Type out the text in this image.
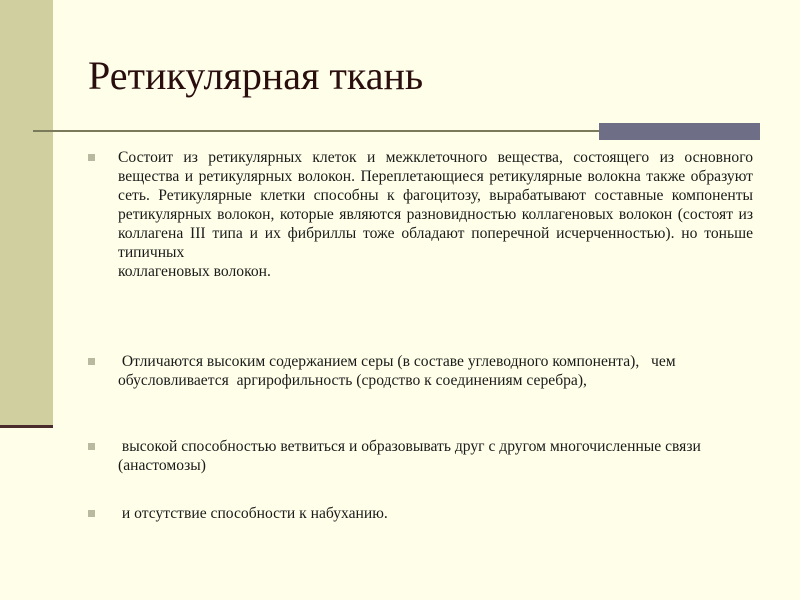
Ретикулярная ткань
Состоит из ретикулярных клеток и межклеточного вещества, состоящего из основного вещества и ретикулярных волокон. Переплетающиеся ретикулярные волокна также образуют сеть. Ретикулярные клетки способны к фагоцитозу, вырабатывают составные компоненты ретикулярных волокон, которые являются разновидностью коллагеновых волокон (состоят из коллагена III типа и их фибриллы тоже обладают поперечной исчерченностью). но тоньше типичных
коллагеновых волокон.
Отличаются высоким содержанием серы (в составе углеводного компонента),   чем обусловливается  аргирофильность (сродство к соединениям серебра),
высокой способностью ветвиться и образовывать друг с другом многочисленные связи (анастомозы)
и отсутствие способности к набуханию.
